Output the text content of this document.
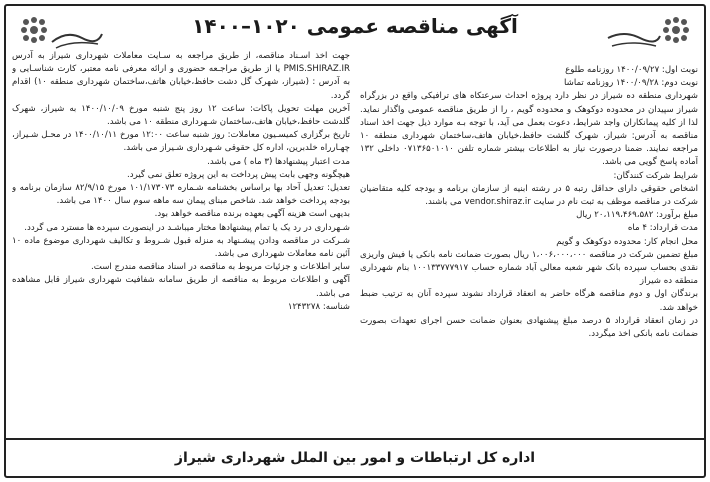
آگهی مناقصه عمومی ۱۰۲۰–۱۴۰۰

نوبت اول: ۱۴۰۰/۰۹/۲۷ روزنامه طلوع

نوبت دوم: ۱۴۰۰/۰۹/۲۸ روزنامه تماشا

شهرداری منطقه ده شیراز در نظر دارد پروژه احداث سرعتکاه های ترافیکی واقع در بزرگراه شیراز سپیدان در محدوده دوکوهک و محدوده گویم ، را از طریق مناقصه عمومی واگذار نماید. لذا از کلیه پیمانکاران واجد شرایط، دعوت بعمل می آید، با توجه بـه موارد ذیل جهت اخذ اسناد مناقصه به آدرس: شیراز، شهرک گلشت حافظ،خیابان هاتف،ساختمان شهرداری منطقه ۱۰ مراجعه نمایند. ضمنا درصورت نیاز به اطلاعات بیشتر شماره تلفن ۰۷۱۳۶۵۰۱۰۱۰ داخلی ۱۳۲ آماده پاسخ گویی می باشد.

شرایط شرکت کنندگان:

اشخاص حقوقی دارای حداقل رتبه ۵ در رشته ابنیه از سازمان برنامه و بودجه کلیه متقاضیان شرکت در مناقصه موظف به ثبت نام در سایت vendor.shiraz.ir می باشند.

مبلغ برآورد: ۲۰،۱۱۹،۴۶۹،۵۸۲ ریال

مدت قرارداد: ۴ ماه

محل انجام کار: محدوده دوکوهک و گویم

مبلغ تضمین شرکت در مناقصه ۱،۰۰۶،۰۰۰،۰۰۰ ریال بصورت ضمانت نامه بانکی یا فیش واریزی نقدی بحساب سپرده بانک شهر شعبه معالی آباد شماره حساب ۱۰۰۱۳۳۷۷۷۹۱۷ بنام شهرداری منطقه ده شیراز

برندگان اول و دوم مناقصه هرگاه حاضر به انعقاد قرارداد نشوند سپرده آنان به ترتیب ضبط خواهد شد.

در زمان انعقاد قرارداد ۵ درصد مبلغ پیشنهادی بعنوان ضمانت حسن اجرای تعهدات بصورت ضمانت نامه بانکی اخذ میگردد.

جهت اخذ اسـناد مناقصه، از طریق مراجعه به سـایت معاملات شهرداری شیراز به آدرس PMIS.SHIRAZ.IR یا از طریق مراجـعه حضوری و ارائه معرفی نامه معتبر، کارت شناسـایی و به آدرس : (شیراز، شهرک گل دشت حافظ،خیابان هاتف،ساختمان شهرداری منطقه ۱۰) اقدام گردد.

آخرین مهلت تحویل پاکات: ساعت ۱۲ روز پنج شنبه مورخ ۱۴۰۰/۱۰/۰۹ به شیراز، شهرک گلدشت حافظ،خیابان هاتف،ساختمان شـهرداری منطقه ۱۰ می باشد.

تاریخ برگزاری کمیسـیون معاملات: روز شنبه ساعت ۱۲:۰۰ مورخ ۱۴۰۰/۱۰/۱۱ در محـل شـیراز، چهـارراه خلدبرین، اداره کل حقوقی شـهرداری شـیراز می باشد.

مدت اعتبار پیشنهادها (۳ ماه ) می باشد.

هیچگونه وجهی بابت پیش پرداخت به این پروژه تعلق نمی گیرد.

تعدیل: تعدیل آحاد بها براساس بخشنامه شـماره ۱۰۱/۱۷۳۰۷۳ مورخ ۸۲/۹/۱۵ سازمان برنامه و بودجه پرداخت خواهد شد. شاخص مبنای پیمان سه ماهه سوم سال ۱۴۰۰ می باشد.

بدیهی است هزینه آگهی بعهده برنده مناقصه خواهد بود.

شـهرداری در رد یک یا تمام پیشنهادها مختار میباشـد در اینصورت سپرده ها مسترد می گردد.

شـرکت در مناقصه ودادن پیشـنهاد به منزله قبول شـروط و تکالیف شهرداری موضوع ماده ۱۰ آئین نامه معاملات شهرداری می باشد.

سایر اطلاعات و جزئیات مربوط به مناقصه در اسناد مناقصه مندرج است.

آگهی و اطلاعات مربوط به مناقصه از طریق سامانه شفافیت شهرداری شیراز قابل مشاهده می باشد.

شناسه: ۱۲۴۳۲۷۸

اداره کل ارتباطات و امور بین الملل شهرداری شیراز
